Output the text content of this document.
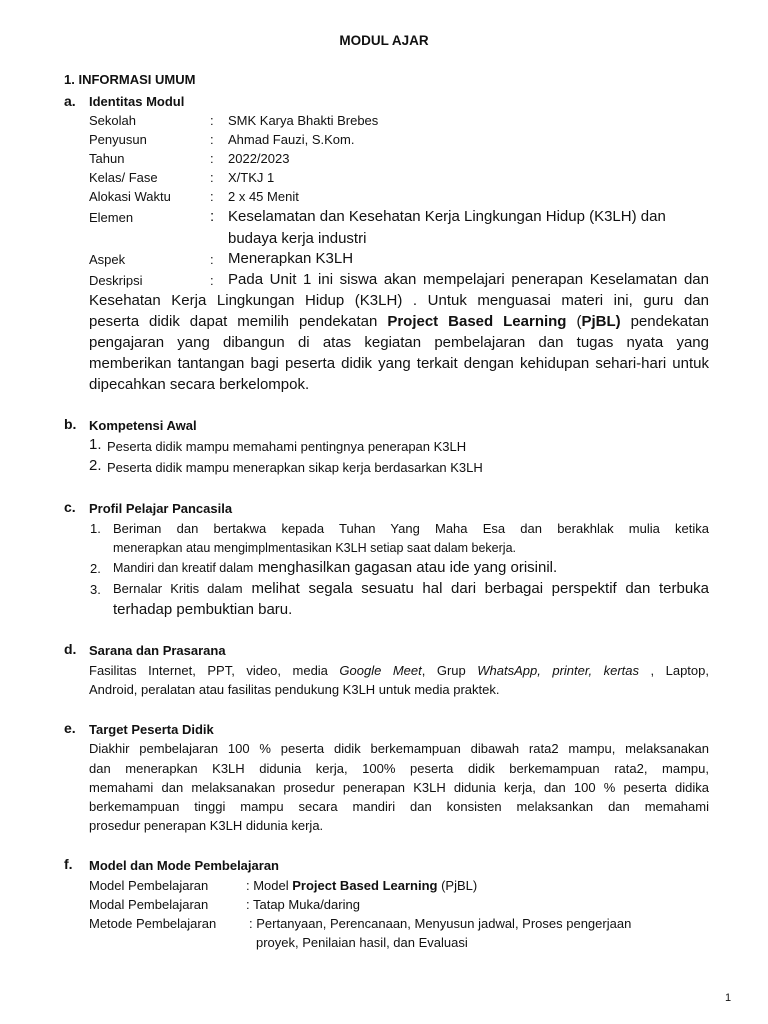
MODUL AJAR
1. INFORMASI UMUM
a. Identitas Modul
Sekolah	: SMK Karya Bhakti Brebes
Penyusun	: Ahmad Fauzi, S.Kom.
Tahun	: 2022/2023
Kelas/ Fase	: X/TKJ 1
Alokasi Waktu	: 2 x 45 Menit
Elemen	: Keselamatan dan Kesehatan Kerja Lingkungan Hidup (K3LH) dan
budaya kerja industri
Aspek	: Menerapkan K3LH
Deskripsi	: Pada Unit 1 ini siswa akan mempelajari penerapan Keselamatan dan
Kesehatan Kerja Lingkungan Hidup (K3LH) . Untuk menguasai materi ini, guru dan
peserta didik dapat memilih pendekatan Project Based Learning (PjBL) pendekatan
pengajaran yang dibangun di atas kegiatan pembelajaran dan tugas nyata yang
memberikan tantangan bagi peserta didik yang terkait dengan kehidupan sehari-hari untuk
dipecahkan secara berkelompok.
b. Kompetensi Awal
1. Peserta didik mampu memahami pentingnya penerapan K3LH
2. Peserta didik mampu menerapkan sikap kerja berdasarkan K3LH
c. Profil Pelajar Pancasila
1. Beriman dan bertakwa kepada Tuhan Yang Maha Esa dan berakhlak mulia ketika
menerapkan atau mengimplmentasikan K3LH setiap saat dalam bekerja.
2. Mandiri dan kreatif dalam menghasilkan gagasan atau ide yang orisinil.
3. Bernalar Kritis dalam melihat segala sesuatu hal dari berbagai perspektif dan terbuka
terhadap pembuktian baru.
d. Sarana dan Prasarana
Fasilitas Internet, PPT, video, media Google Meet, Grup WhatsApp, printer, kertas , Laptop,
Android, peralatan atau fasilitas pendukung K3LH untuk media praktek.
e. Target Peserta Didik
Diakhir pembelajaran 100 % peserta didik berkemampuan dibawah rata2 mampu, melaksanakan
dan menerapkan K3LH didunia kerja, 100% peserta didik berkemampuan rata2, mampu,
memahami dan melaksanakan prosedur penerapan K3LH didunia kerja, dan 100 % peserta didika
berkemampuan tinggi mampu secara mandiri dan konsisten melaksankan dan memahami
prosedur penerapan K3LH didunia kerja.
f. Model dan Mode Pembelajaran
Model Pembelajaran	: Model Project Based Learning (PjBL)
Modal Pembelajaran	: Tatap Muka/daring
Metode Pembelajaran	: Pertanyaan, Perencanaan, Menyusun jadwal, Proses pengerjaan
proyek, Penilaian hasil, dan Evaluasi
1
